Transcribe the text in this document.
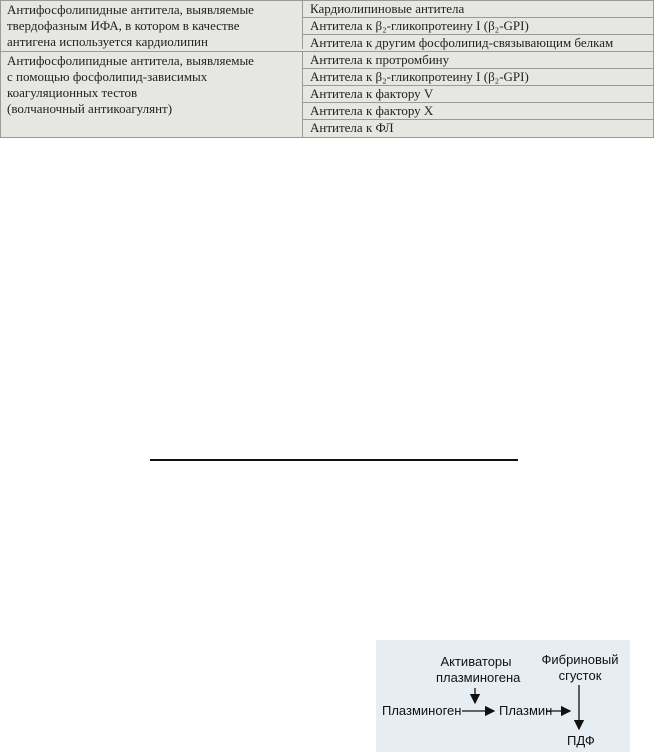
Антифосфолипидные антитела, выявляемые
твердофазным ИФА, в котором в качестве
антигена используется кардиолипин
Кардиолипиновые антитела
Антитела к β₂-гликопротеину I (β₂-GPI)
Антитела к другим фосфолипид-связывающим белкам
Антифосфолипидные антитела, выявляемые
с помощью фосфолипид-зависимых
коагуляционных тестов
(волчаночный антикоагулянт)
Антитела к протромбину
Антитела к β₂-гликопротеину I (β₂-GPI)
Антитела к фактору V
Антитела к фактору X
Антитела к ФЛ
Активаторы плазминогена
Фибриновый сгусток
Плазминоген	Плазмин
ПДФ
